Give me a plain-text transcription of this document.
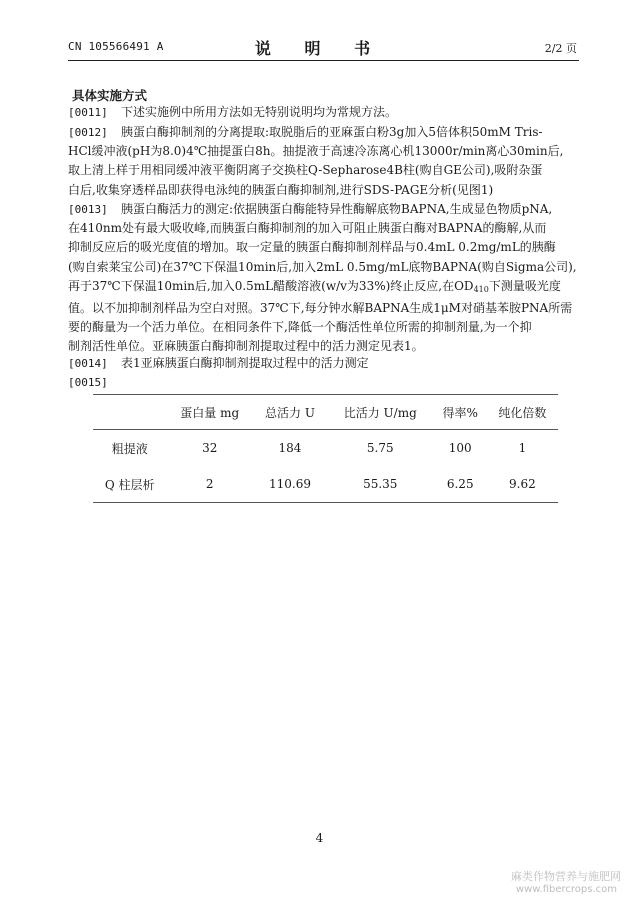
CN 105566491 A	说 明 书	2/2 页
具体实施方式
[0011]	下述实施例中所用方法如无特别说明均为常规方法。
[0012]	胰蛋白酶抑制剂的分离提取:取脱脂后的亚麻蛋白粉3g加入5倍体积50mM Tris-
HCl缓冲液(pH为8.0)4℃抽提蛋白8h。抽提液于高速冷冻离心机13000r/min离心30min后,
取上清上样于用相同缓冲液平衡阴离子交换柱Q-Sepharose4B柱(购自GE公司),吸附杂蛋
白后,收集穿透样品即获得电泳纯的胰蛋白酶抑制剂,进行SDS-PAGE分析(见图1)
[0013]	胰蛋白酶活力的测定:依据胰蛋白酶能特异性酶解底物BAPNA,生成显色物质pNA,
在410nm处有最大吸收峰,而胰蛋白酶抑制剂的加入可阻止胰蛋白酶对BAPNA的酶解,从而
抑制反应后的吸光度值的增加。取一定量的胰蛋白酶抑制剂样品与0.4mL 0.2mg/mL的胰酶
(购自索莱宝公司)在37℃下保温10min后,加入2mL 0.5mg/mL底物BAPNA(购自Sigma公司),
再于37℃下保温10min后,加入0.5mL醋酸溶液(w/v为33%)终止反应,在$OD_{410}$下测量吸光度
值。以不加抑制剂样品为空白对照。37℃下,每分钟水解BAPNA生成1μM对硝基苯胺PNA所需
要的酶量为一个活力单位。在相同条件下,降低一个酶活性单位所需的抑制剂量,为一个抑
制剂活性单位。亚麻胰蛋白酶抑制剂提取过程中的活力测定见表1。
[0014]	表1亚麻胰蛋白酶抑制剂提取过程中的活力测定
[0015]
	蛋白量 mg	总活力 U	比活力 U/mg	得率%	纯化倍数
粗提液	32	184	5.75	100	1
Q 柱层析	2	110.69	55.35	6.25	9.62
4
麻类作物营养与施肥网
www.fibercrops.com
